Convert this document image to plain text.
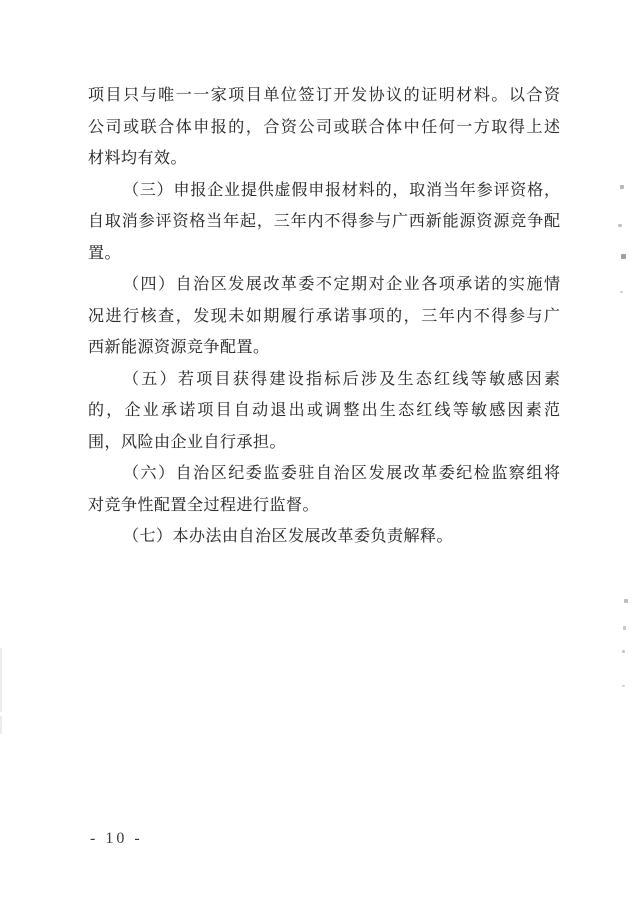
项目只与唯一一家项目单位签订开发协议的证明材料。以合资
公司或联合体申报的，合资公司或联合体中任何一方取得上述
材料均有效。
（三）申报企业提供虚假申报材料的，取消当年参评资格，
自取消参评资格当年起，三年内不得参与广西新能源资源竞争配
置。
（四）自治区发展改革委不定期对企业各项承诺的实施情
况进行核查，发现未如期履行承诺事项的，三年内不得参与广
西新能源资源竞争配置。
（五）若项目获得建设指标后涉及生态红线等敏感因素
的，企业承诺项目自动退出或调整出生态红线等敏感因素范
围，风险由企业自行承担。
（六）自治区纪委监委驻自治区发展改革委纪检监察组将
对竞争性配置全过程进行监督。
（七）本办法由自治区发展改革委负责解释。
- 10 -
